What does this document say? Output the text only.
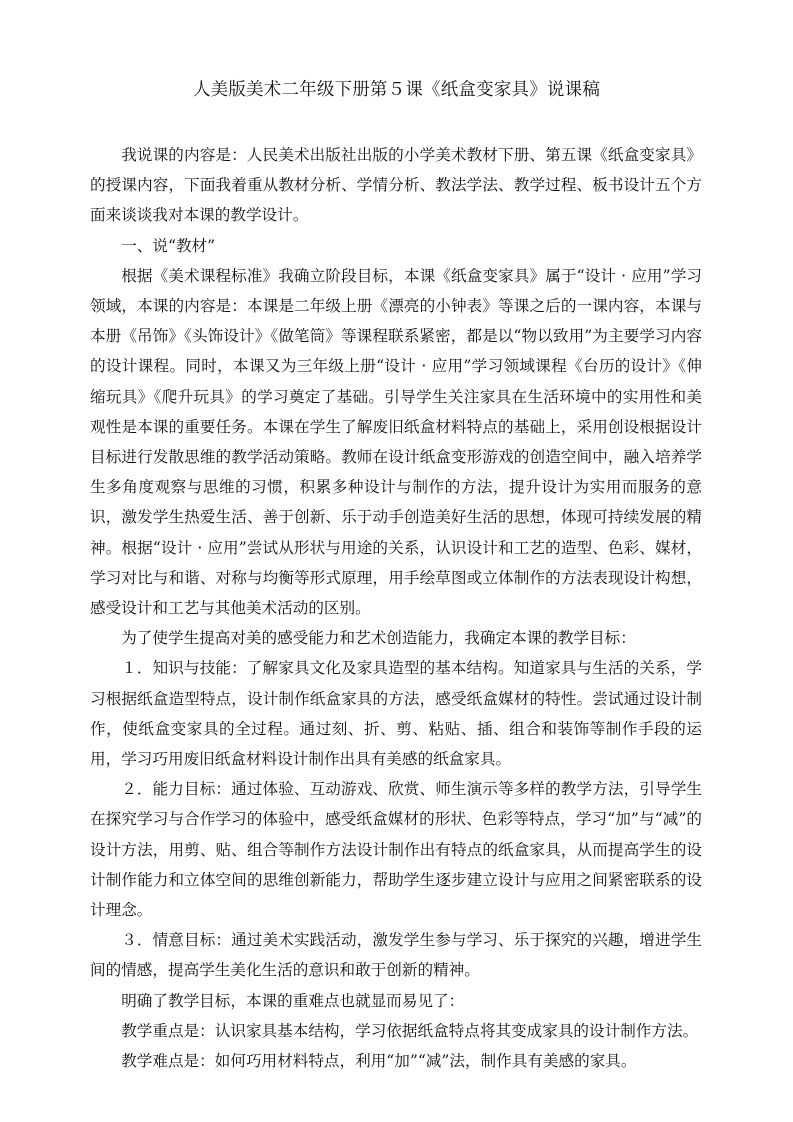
人美版美术二年级下册第５课《纸盒变家具》说课稿

我说课的内容是：人民美术出版社出版的小学美术教材下册、第五课《纸盒变家具》的授课内容，下面我着重从教材分析、学情分析、教法学法、教学过程、板书设计五个方面来谈谈我对本课的教学设计。

一、说“教材”

根据《美术课程标准》我确立阶段目标，本课《纸盒变家具》属于“设计 · 应用”学习领域，本课的内容是：本课是二年级上册《漂亮的小钟表》等课之后的一课内容，本课与本册《吊饰》《头饰设计》《做笔筒》等课程联系紧密，都是以“物以致用”为主要学习内容的设计课程。同时，本课又为三年级上册“设计 · 应用”学习领域课程《台历的设计》《伸缩玩具》《爬升玩具》的学习奠定了基础。引导学生关注家具在生活环境中的实用性和美观性是本课的重要任务。本课在学生了解废旧纸盒材料特点的基础上，采用创设根据设计目标进行发散思维的教学活动策略。教师在设计纸盒变形游戏的创造空间中，融入培养学生多角度观察与思维的习惯，积累多种设计与制作的方法，提升设计为实用而服务的意识，激发学生热爱生活、善于创新、乐于动手创造美好生活的思想，体现可持续发展的精神。根据“设计 · 应用”尝试从形状与用途的关系，认识设计和工艺的造型、色彩、媒材，学习对比与和谐、对称与均衡等形式原理，用手绘草图或立体制作的方法表现设计构想，感受设计和工艺与其他美术活动的区别。

为了使学生提高对美的感受能力和艺术创造能力，我确定本课的教学目标：

１．知识与技能：了解家具文化及家具造型的基本结构。知道家具与生活的关系，学习根据纸盒造型特点，设计制作纸盒家具的方法，感受纸盒媒材的特性。尝试通过设计制作，使纸盒变家具的全过程。通过刻、折、剪、粘贴、插、组合和装饰等制作手段的运用，学习巧用废旧纸盒材料设计制作出具有美感的纸盒家具。

２．能力目标：通过体验、互动游戏、欣赏、师生演示等多样的教学方法，引导学生在探究学习与合作学习的体验中，感受纸盒媒材的形状、色彩等特点，学习“加”与“减”的设计方法，用剪、贴、组合等制作方法设计制作出有特点的纸盒家具，从而提高学生的设计制作能力和立体空间的思维创新能力，帮助学生逐步建立设计与应用之间紧密联系的设计理念。

３．情意目标：通过美术实践活动，激发学生参与学习、乐于探究的兴趣，增进学生间的情感，提高学生美化生活的意识和敢于创新的精神。

明确了教学目标，本课的重难点也就显而易见了：

教学重点是：认识家具基本结构，学习依据纸盒特点将其变成家具的设计制作方法。

教学难点是：如何巧用材料特点，利用“加”“减”法，制作具有美感的家具。
